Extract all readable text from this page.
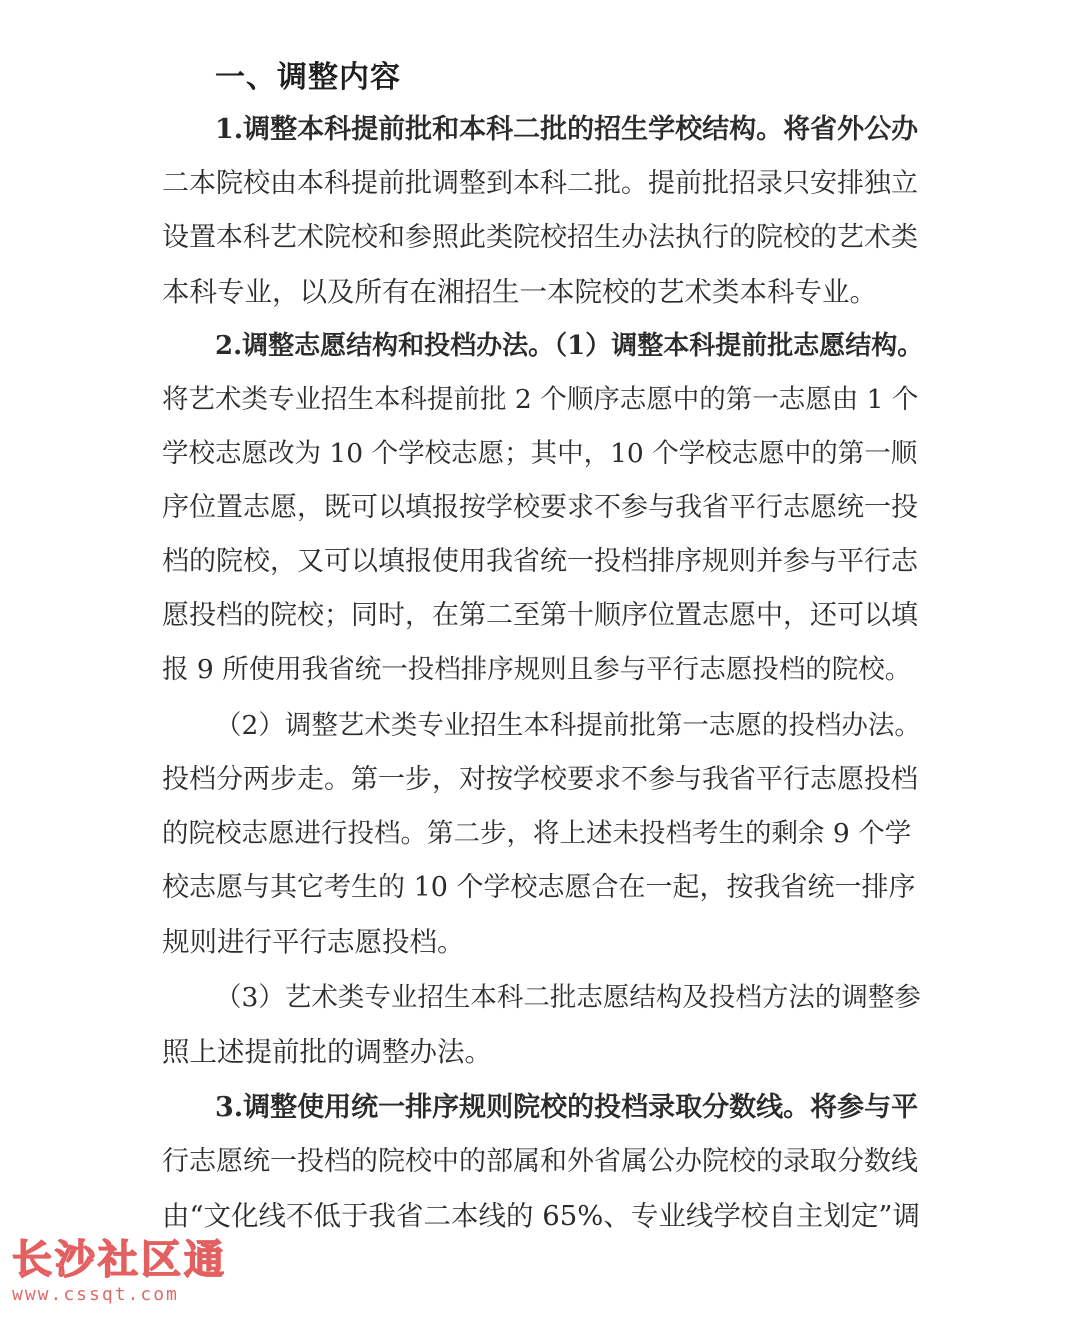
一、调整内容
1.调整本科提前批和本科二批的招生学校结构。将省外公办
二本院校由本科提前批调整到本科二批。提前批招录只安排独立
设置本科艺术院校和参照此类院校招生办法执行的院校的艺术类
本科专业，以及所有在湘招生一本院校的艺术类本科专业。
2.调整志愿结构和投档办法。（1）调整本科提前批志愿结构。
将艺术类专业招生本科提前批 2 个顺序志愿中的第一志愿由 1 个
学校志愿改为 10 个学校志愿；其中，10 个学校志愿中的第一顺
序位置志愿，既可以填报按学校要求不参与我省平行志愿统一投
档的院校，又可以填报使用我省统一投档排序规则并参与平行志
愿投档的院校；同时，在第二至第十顺序位置志愿中，还可以填
报 9 所使用我省统一投档排序规则且参与平行志愿投档的院校。
（2）调整艺术类专业招生本科提前批第一志愿的投档办法。
投档分两步走。第一步，对按学校要求不参与我省平行志愿投档
的院校志愿进行投档。第二步，将上述未投档考生的剩余 9 个学
校志愿与其它考生的 10 个学校志愿合在一起，按我省统一排序
规则进行平行志愿投档。
（3）艺术类专业招生本科二批志愿结构及投档方法的调整参
照上述提前批的调整办法。
3.调整使用统一排序规则院校的投档录取分数线。将参与平
行志愿统一投档的院校中的部属和外省属公办院校的录取分数线
由“文化线不低于我省二本线的 65%、专业线学校自主划定”调
长沙社区通
www.cssqt.com
